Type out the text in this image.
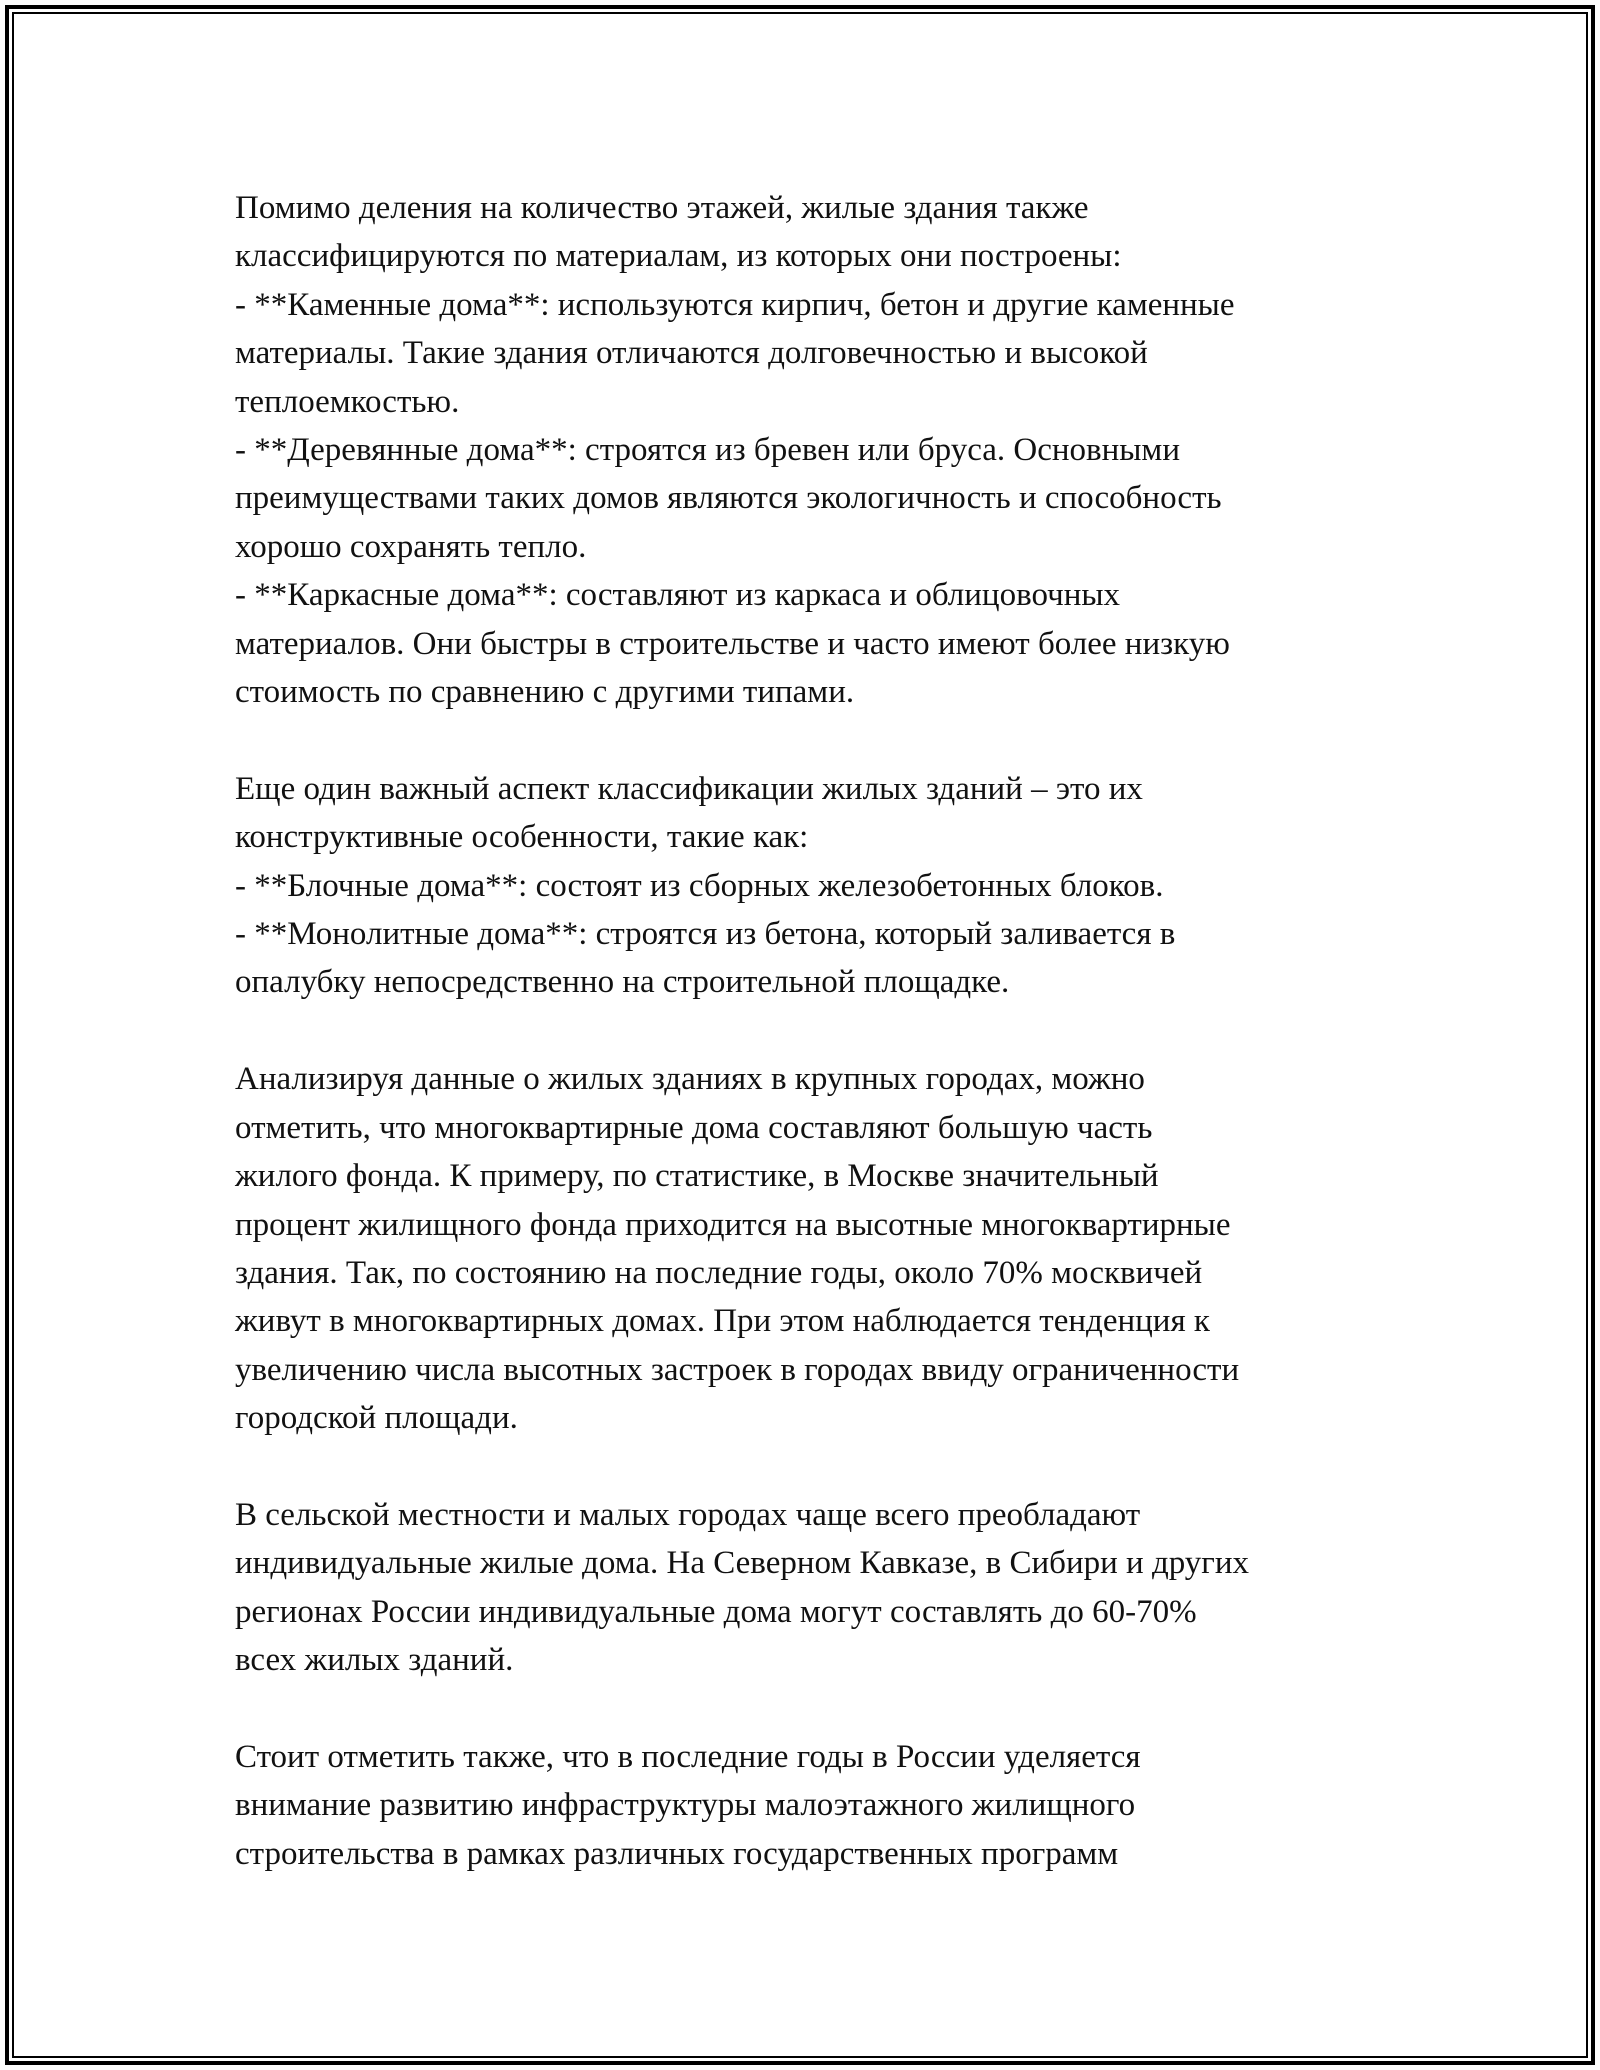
Помимо деления на количество этажей, жилые здания также
классифицируются по материалам, из которых они построены:
- **Каменные дома**: используются кирпич, бетон и другие каменные
материалы. Такие здания отличаются долговечностью и высокой
теплоемкостью.
- **Деревянные дома**: строятся из бревен или бруса. Основными
преимуществами таких домов являются экологичность и способность
хорошо сохранять тепло.
- **Каркасные дома**: составляют из каркаса и облицовочных
материалов. Они быстры в строительстве и часто имеют более низкую
стоимость по сравнению с другими типами.
Еще один важный аспект классификации жилых зданий – это их
конструктивные особенности, такие как:
- **Блочные дома**: состоят из сборных железобетонных блоков.
- **Монолитные дома**: строятся из бетона, который заливается в
опалубку непосредственно на строительной площадке.
Анализируя данные о жилых зданиях в крупных городах, можно
отметить, что многоквартирные дома составляют большую часть
жилого фонда. К примеру, по статистике, в Москве значительный
процент жилищного фонда приходится на высотные многоквартирные
здания. Так, по состоянию на последние годы, около 70% москвичей
живут в многоквартирных домах. При этом наблюдается тенденция к
увеличению числа высотных застроек в городах ввиду ограниченности
городской площади.
В сельской местности и малых городах чаще всего преобладают
индивидуальные жилые дома. На Северном Кавказе, в Сибири и других
регионах России индивидуальные дома могут составлять до 60-70%
всех жилых зданий.
Стоит отметить также, что в последние годы в России уделяется
внимание развитию инфраструктуры малоэтажного жилищного
строительства в рамках различных государственных программ
